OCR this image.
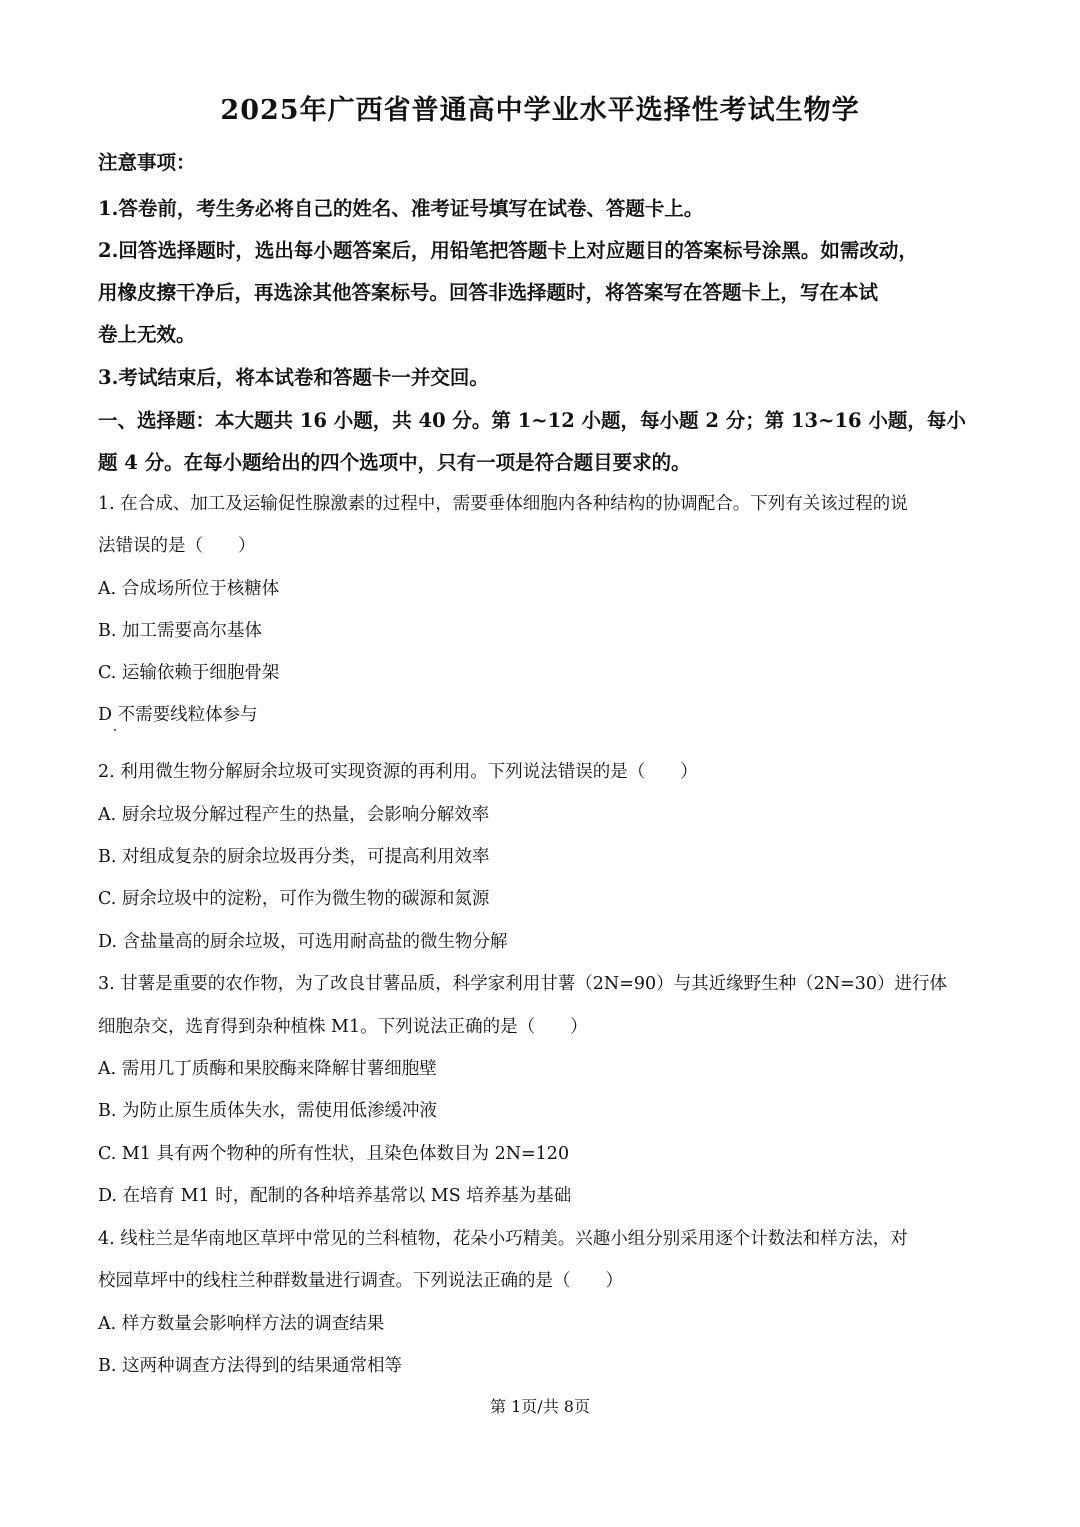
2025年广西省普通高中学业水平选择性考试生物学
注意事项：
1.答卷前，考生务必将自己的姓名、准考证号填写在试卷、答题卡上。
2.回答选择题时，选出每小题答案后，用铅笔把答题卡上对应题目的答案标号涂黑。如需改动，
用橡皮擦干净后，再选涂其他答案标号。回答非选择题时，将答案写在答题卡上，写在本试
卷上无效。
3.考试结束后，将本试卷和答题卡一并交回。
一、选择题：本大题共 16 小题，共 40 分。第 1~12 小题，每小题 2 分；第 13~16 小题，每小
题 4 分。在每小题给出的四个选项中，只有一项是符合题目要求的。
1. 在合成、加工及运输促性腺激素的过程中，需要垂体细胞内各种结构的协调配合。下列有关该过程的说
法错误的是（　　）
A. 合成场所位于核糖体
B. 加工需要高尔基体
C. 运输依赖于细胞骨架
D 不需要线粒体参与
2. 利用微生物分解厨余垃圾可实现资源的再利用。下列说法错误的是（　　）
A. 厨余垃圾分解过程产生的热量，会影响分解效率
B. 对组成复杂的厨余垃圾再分类，可提高利用效率
C. 厨余垃圾中的淀粉，可作为微生物的碳源和氮源
D. 含盐量高的厨余垃圾，可选用耐高盐的微生物分解
3. 甘薯是重要的农作物，为了改良甘薯品质，科学家利用甘薯（2N=90）与其近缘野生种（2N=30）进行体
细胞杂交，选育得到杂种植株 M1。下列说法正确的是（　　）
A. 需用几丁质酶和果胶酶来降解甘薯细胞壁
B. 为防止原生质体失水，需使用低渗缓冲液
C. M1 具有两个物种的所有性状，且染色体数目为 2N=120
D. 在培育 M1 时，配制的各种培养基常以 MS 培养基为基础
4. 线柱兰是华南地区草坪中常见的兰科植物，花朵小巧精美。兴趣小组分别采用逐个计数法和样方法，对
校园草坪中的线柱兰种群数量进行调查。下列说法正确的是（　　）
A. 样方数量会影响样方法的调查结果
B. 这两种调查方法得到的结果通常相等
第 1页/共 8页
